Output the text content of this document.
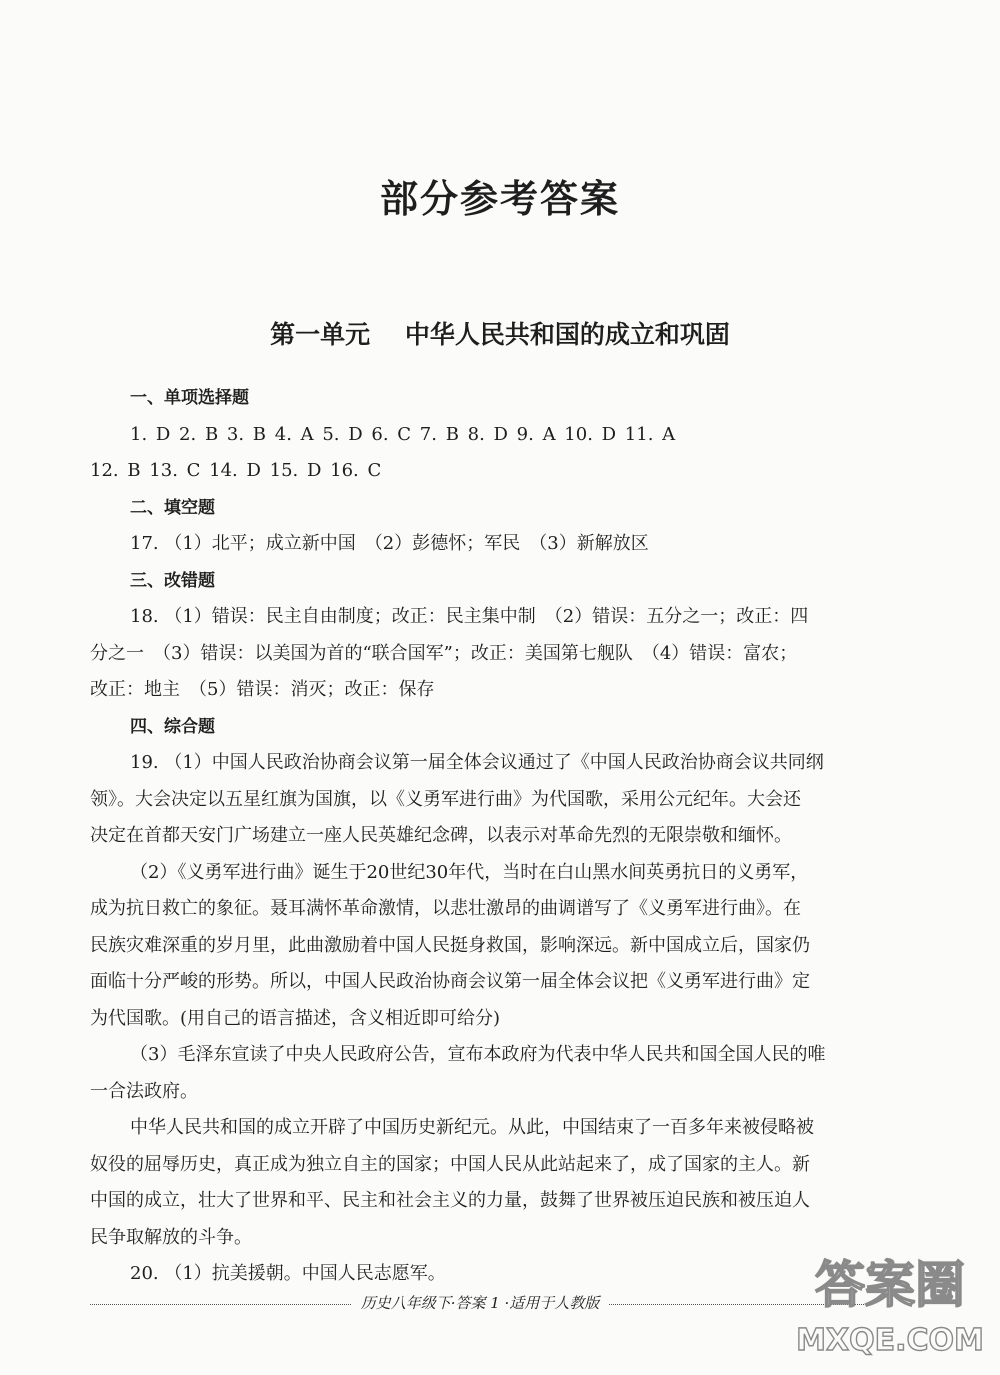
部分参考答案
第一单元    中华人民共和国的成立和巩固
一、单项选择题
1. D 2. B 3. B 4. A 5. D 6. C 7. B 8. D 9. A 10. D 11. A
12. B 13. C 14. D 15. D 16. C
二、填空题
17. （1）北平；成立新中国　（2）彭德怀；军民　（3）新解放区
三、改错题
18. （1）错误：民主自由制度；改正：民主集中制　（2）错误：五分之一；改正：四
分之一　（3）错误：以美国为首的“联合国军”；改正：美国第七舰队　（4）错误：富农；
改正：地主　（5）错误：消灭；改正：保存
四、综合题
19. （1）中国人民政治协商会议第一届全体会议通过了《中国人民政治协商会议共同纲
领》。大会决定以五星红旗为国旗，以《义勇军进行曲》为代国歌，采用公元纪年。大会还
决定在首都天安门广场建立一座人民英雄纪念碑，以表示对革命先烈的无限崇敬和缅怀。
（2）《义勇军进行曲》诞生于20世纪30年代，当时在白山黑水间英勇抗日的义勇军，
成为抗日救亡的象征。聂耳满怀革命激情，以悲壮激昂的曲调谱写了《义勇军进行曲》。在
民族灾难深重的岁月里，此曲激励着中国人民挺身救国，影响深远。新中国成立后，国家仍
面临十分严峻的形势。所以，中国人民政治协商会议第一届全体会议把《义勇军进行曲》定
为代国歌。(用自己的语言描述，含义相近即可给分)
（3）毛泽东宣读了中央人民政府公告，宣布本政府为代表中华人民共和国全国人民的唯
一合法政府。
中华人民共和国的成立开辟了中国历史新纪元。从此，中国结束了一百多年来被侵略被
奴役的屈辱历史，真正成为独立自主的国家；中国人民从此站起来了，成了国家的主人。新
中国的成立，壮大了世界和平、民主和社会主义的力量，鼓舞了世界被压迫民族和被压迫人
民争取解放的斗争。
20. （1）抗美援朝。中国人民志愿军。
历史八年级下·答案 1 ·适用于人教版	答案圈
MXQE.COM
